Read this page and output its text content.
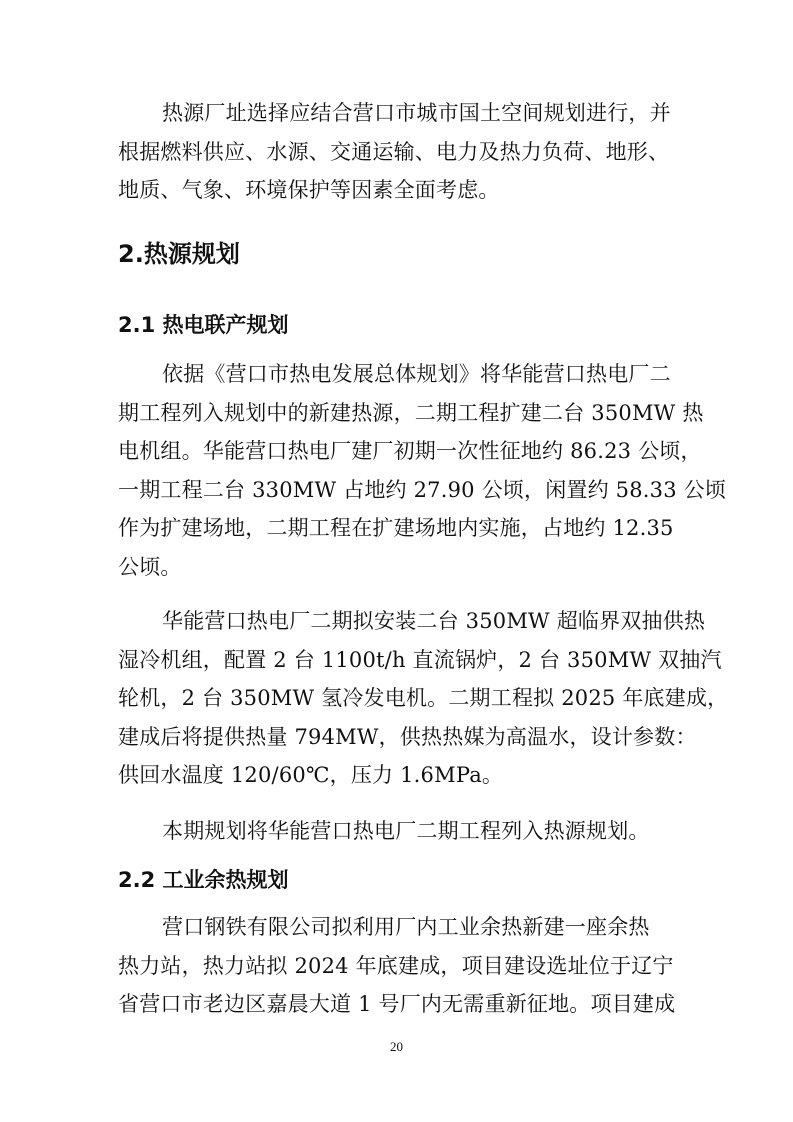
热源厂址选择应结合营口市城市国土空间规划进行，并
根据燃料供应、水源、交通运输、电力及热力负荷、地形、
地质、气象、环境保护等因素全面考虑。
2.热源规划
2.1 热电联产规划
依据《营口市热电发展总体规划》将华能营口热电厂二
期工程列入规划中的新建热源，二期工程扩建二台 350MW 热
电机组。华能营口热电厂建厂初期一次性征地约 86.23 公顷，
一期工程二台 330MW 占地约 27.90 公顷，闲置约 58.33 公顷
作为扩建场地，二期工程在扩建场地内实施，占地约 12.35
公顷。
华能营口热电厂二期拟安装二台 350MW 超临界双抽供热
湿冷机组，配置 2 台 1100t/h 直流锅炉，2 台 350MW 双抽汽
轮机，2 台 350MW 氢冷发电机。二期工程拟 2025 年底建成，
建成后将提供热量 794MW，供热热媒为高温水，设计参数：
供回水温度 120/60℃，压力 1.6MPa。
本期规划将华能营口热电厂二期工程列入热源规划。
2.2 工业余热规划
营口钢铁有限公司拟利用厂内工业余热新建一座余热
热力站，热力站拟 2024 年底建成，项目建设选址位于辽宁
省营口市老边区嘉晨大道 1 号厂内无需重新征地。项目建成
20
